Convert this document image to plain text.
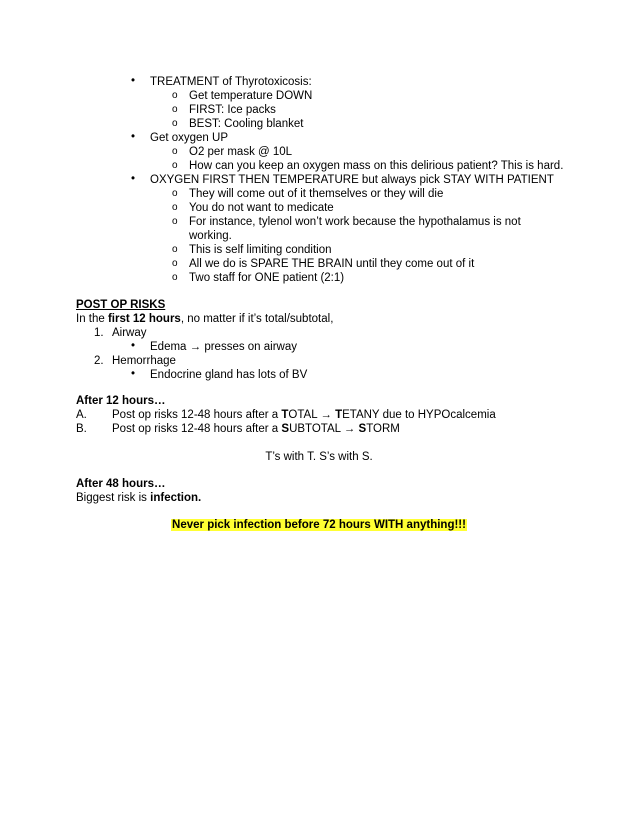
• TREATMENT of Thyrotoxicosis:
o Get temperature DOWN
o FIRST: Ice packs
o BEST: Cooling blanket
• Get oxygen UP
o O2 per mask @ 10L
o How can you keep an oxygen mass on this delirious patient? This is hard.
• OXYGEN FIRST THEN TEMPERATURE but always pick STAY WITH PATIENT
o They will come out of it themselves or they will die
o You do not want to medicate
o For instance, tylenol won’t work because the hypothalamus is not
working.
o This is self limiting condition
o All we do is SPARE THE BRAIN until they come out of it
o Two staff for ONE patient (2:1)
POST OP RISKS
In the first 12 hours, no matter if it’s total/subtotal,
1. Airway
• Edema → presses on airway
2. Hemorrhage
• Endocrine gland has lots of BV
After 12 hours…
A. Post op risks 12-48 hours after a TOTAL → TETANY due to HYPOcalcemia
B. Post op risks 12-48 hours after a SUBTOTAL → STORM
T’s with T. S’s with S.
After 48 hours…
Biggest risk is infection.
Never pick infection before 72 hours WITH anything!!!
